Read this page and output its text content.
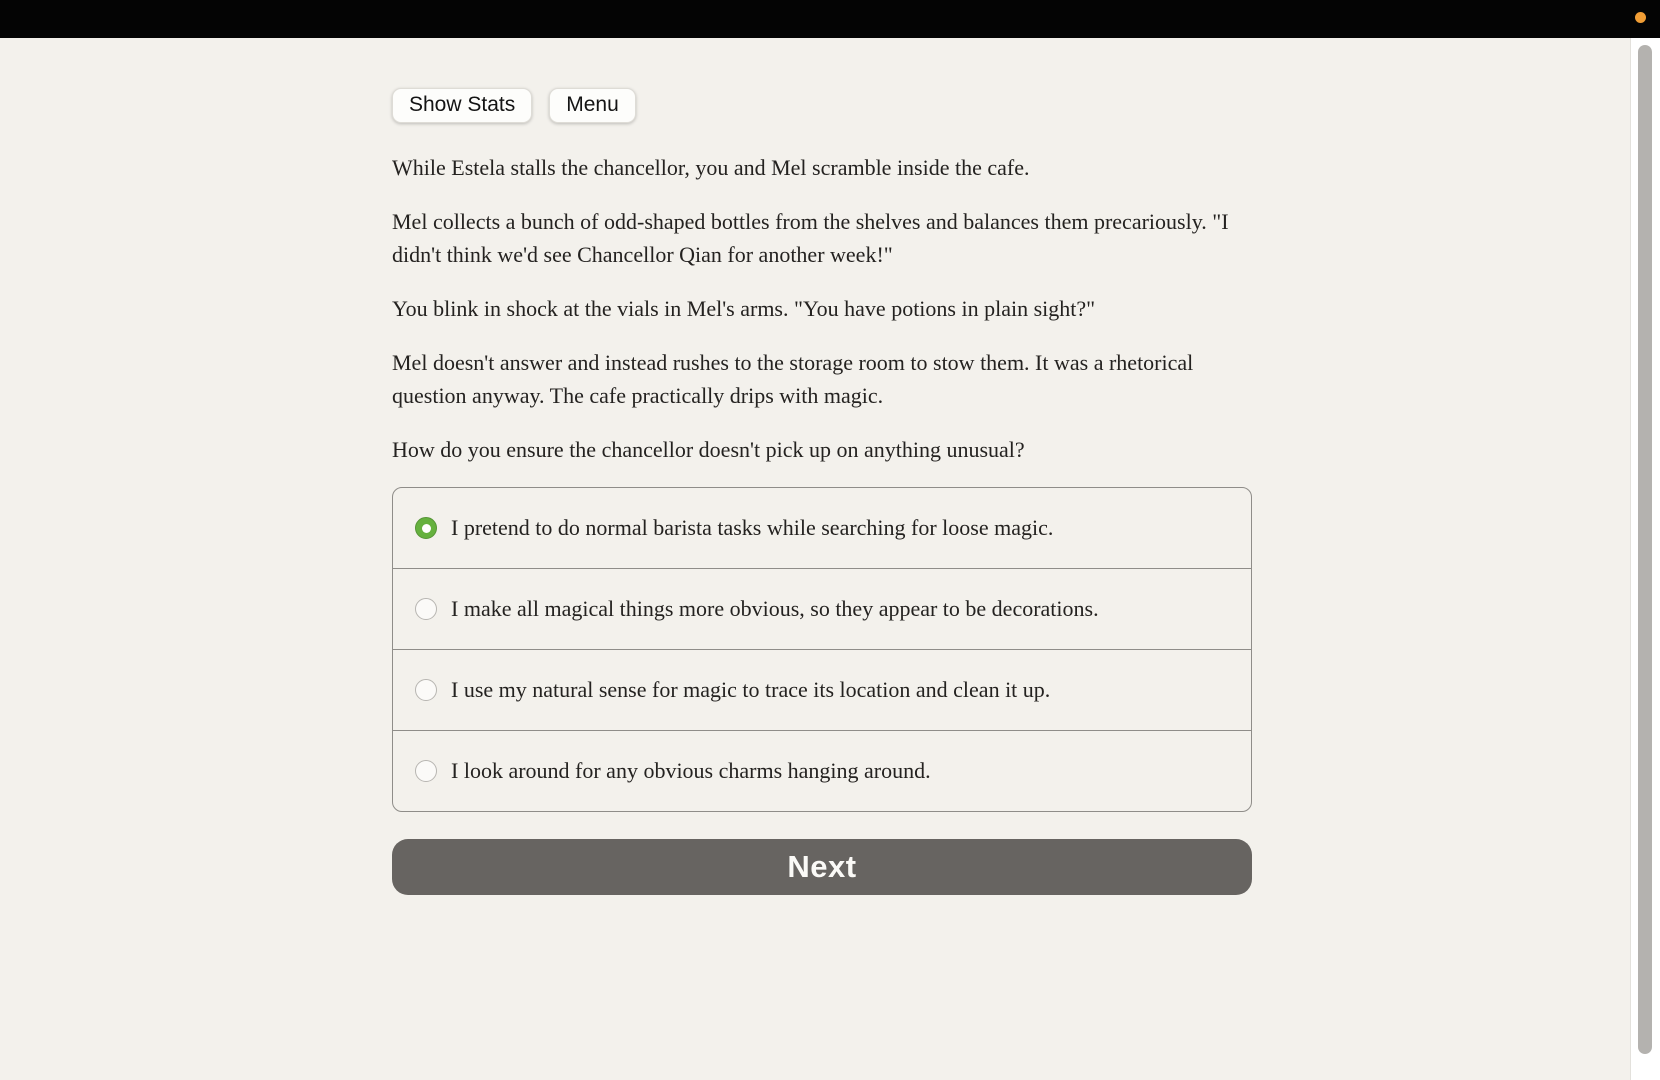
Show Stats	Menu

While Estela stalls the chancellor, you and Mel scramble inside the cafe.

Mel collects a bunch of odd-shaped bottles from the shelves and balances them precariously. "I didn't think we'd see Chancellor Qian for another week!"

You blink in shock at the vials in Mel's arms. "You have potions in plain sight?"

Mel doesn't answer and instead rushes to the storage room to stow them. It was a rhetorical question anyway. The cafe practically drips with magic.

How do you ensure the chancellor doesn't pick up on anything unusual?

I pretend to do normal barista tasks while searching for loose magic.
I make all magical things more obvious, so they appear to be decorations.
I use my natural sense for magic to trace its location and clean it up.
I look around for any obvious charms hanging around.
Next
